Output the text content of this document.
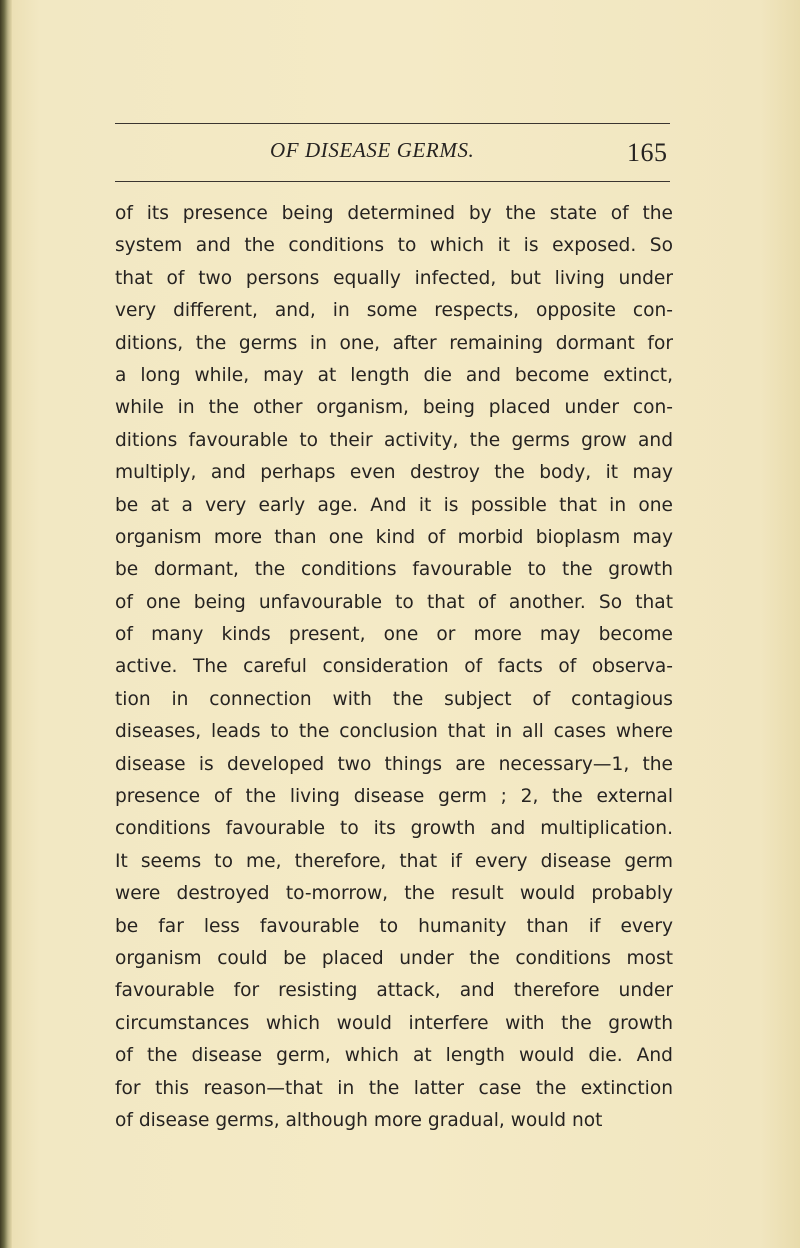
OF DISEASE GERMS.	165
of its presence being determined by the state of the
system and the conditions to which it is exposed. So
that of two persons equally infected, but living under
very different, and, in some respects, opposite con-
ditions, the germs in one, after remaining dormant for
a long while, may at length die and become extinct,
while in the other organism, being placed under con-
ditions favourable to their activity, the germs grow and
multiply, and perhaps even destroy the body, it may
be at a very early age. And it is possible that in one
organism more than one kind of morbid bioplasm may
be dormant, the conditions favourable to the growth
of one being unfavourable to that of another. So that
of many kinds present, one or more may become
active. The careful consideration of facts of observa-
tion in connection with the subject of contagious
diseases, leads to the conclusion that in all cases where
disease is developed two things are necessary—1, the
presence of the living disease germ ; 2, the external
conditions favourable to its growth and multiplication.
It seems to me, therefore, that if every disease germ
were destroyed to-morrow, the result would probably
be far less favourable to humanity than if every
organism could be placed under the conditions most
favourable for resisting attack, and therefore under
circumstances which would interfere with the growth
of the disease germ, which at length would die. And
for this reason—that in the latter case the extinction
of disease germs, although more gradual, would not
